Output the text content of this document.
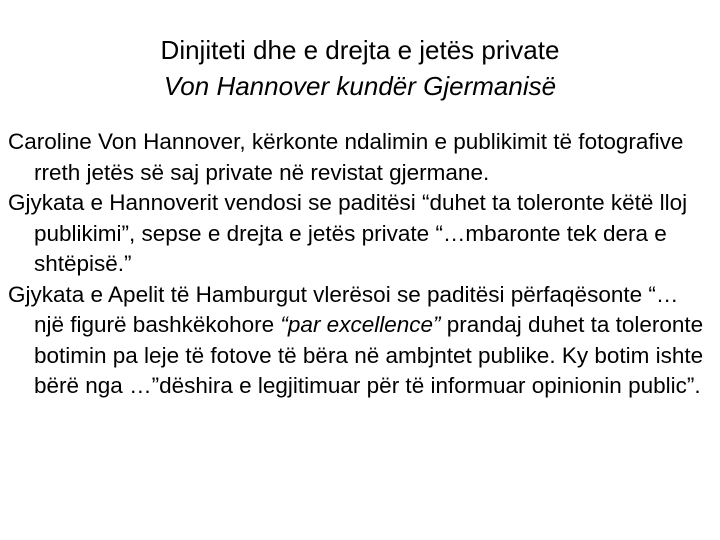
Dinjiteti dhe e drejta e jetës private
Von Hannover kundër Gjermanisë

Caroline Von Hannover, kërkonte ndalimin e publikimit të fotografive rreth jetës së saj private në revistat gjermane.

Gjykata e Hannoverit vendosi se paditësi “duhet ta toleronte këtë lloj publikimi”, sepse e drejta e jetës private “…mbaronte tek dera e shtëpisë.”

Gjykata e Apelit të Hamburgut vlerësoi se paditësi përfaqësonte “… një figurë bashkëkohore “par excellence” prandaj duhet ta toleronte botimin pa leje të fotove të bëra në ambjntet publike. Ky botim ishte bërë nga …”dëshira e legjitimuar për të informuar opinionin public”.
